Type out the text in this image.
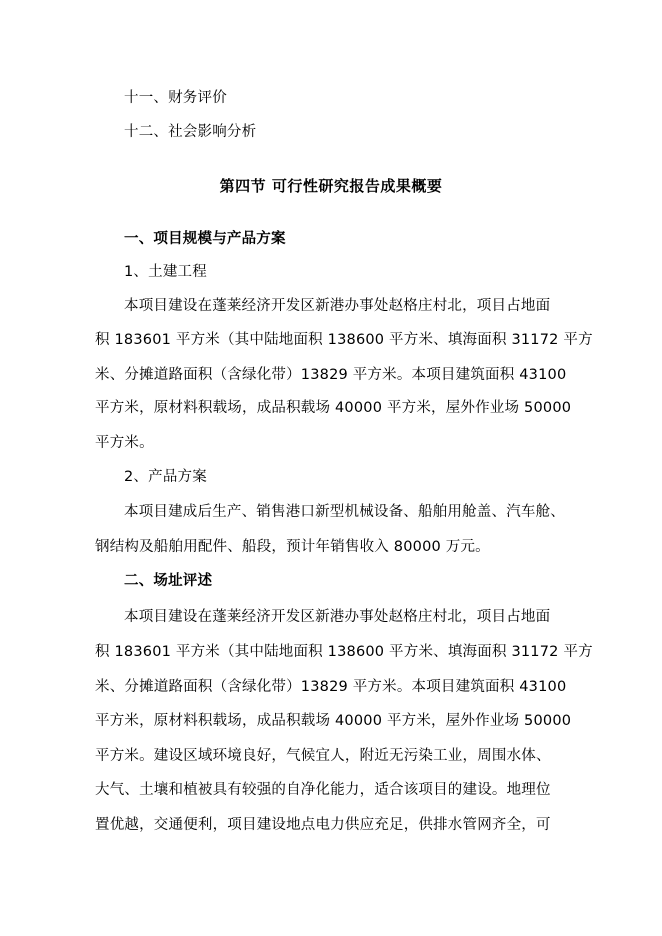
十一、财务评价
十二、社会影响分析
第四节 可行性研究报告成果概要
一、项目规模与产品方案
1、土建工程
本项目建设在蓬莱经济开发区新港办事处赵格庄村北，项目占地面
积 183601 平方米（其中陆地面积 138600 平方米、填海面积 31172 平方
米、分摊道路面积（含绿化带）13829 平方米。本项目建筑面积 43100
平方米，原材料积载场，成品积载场 40000 平方米，屋外作业场 50000
平方米。
2、产品方案
本项目建成后生产、销售港口新型机械设备、船舶用舱盖、汽车舱、
钢结构及船舶用配件、船段，预计年销售收入 80000 万元。
二、场址评述
本项目建设在蓬莱经济开发区新港办事处赵格庄村北，项目占地面
积 183601 平方米（其中陆地面积 138600 平方米、填海面积 31172 平方
米、分摊道路面积（含绿化带）13829 平方米。本项目建筑面积 43100
平方米，原材料积载场，成品积载场 40000 平方米，屋外作业场 50000
平方米。建设区域环境良好，气候宜人，附近无污染工业，周围水体、
大气、土壤和植被具有较强的自净化能力，适合该项目的建设。地理位
置优越，交通便利，项目建设地点电力供应充足，供排水管网齐全，可
